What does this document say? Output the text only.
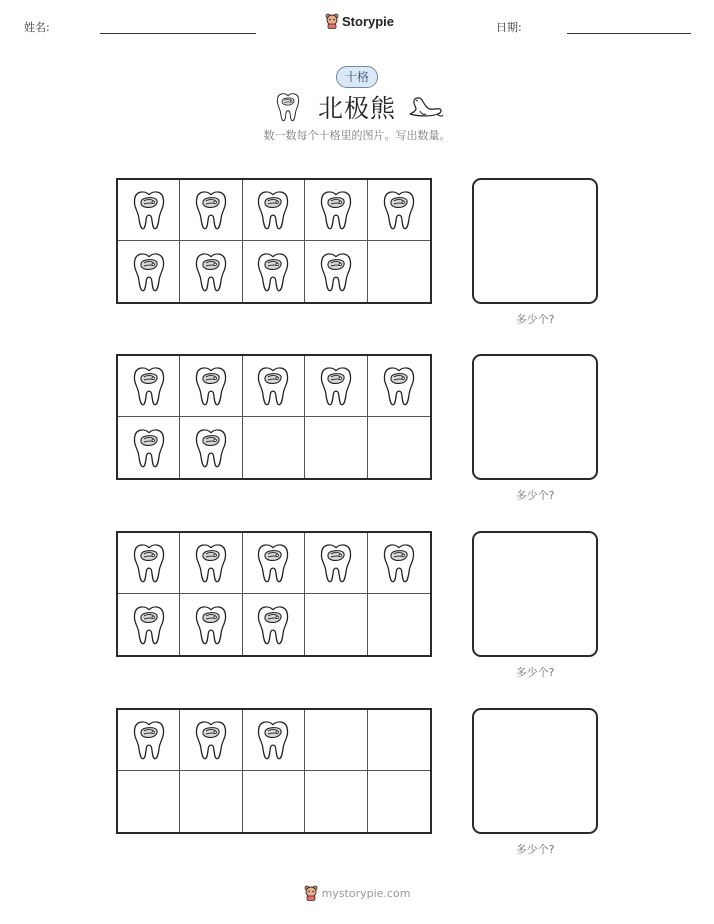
姓名:	Storypie	日期:
十格
北极熊
数一数每个十格里的图片。写出数量。
多少个?
多少个?
多少个?
多少个?
mystorypie.com
